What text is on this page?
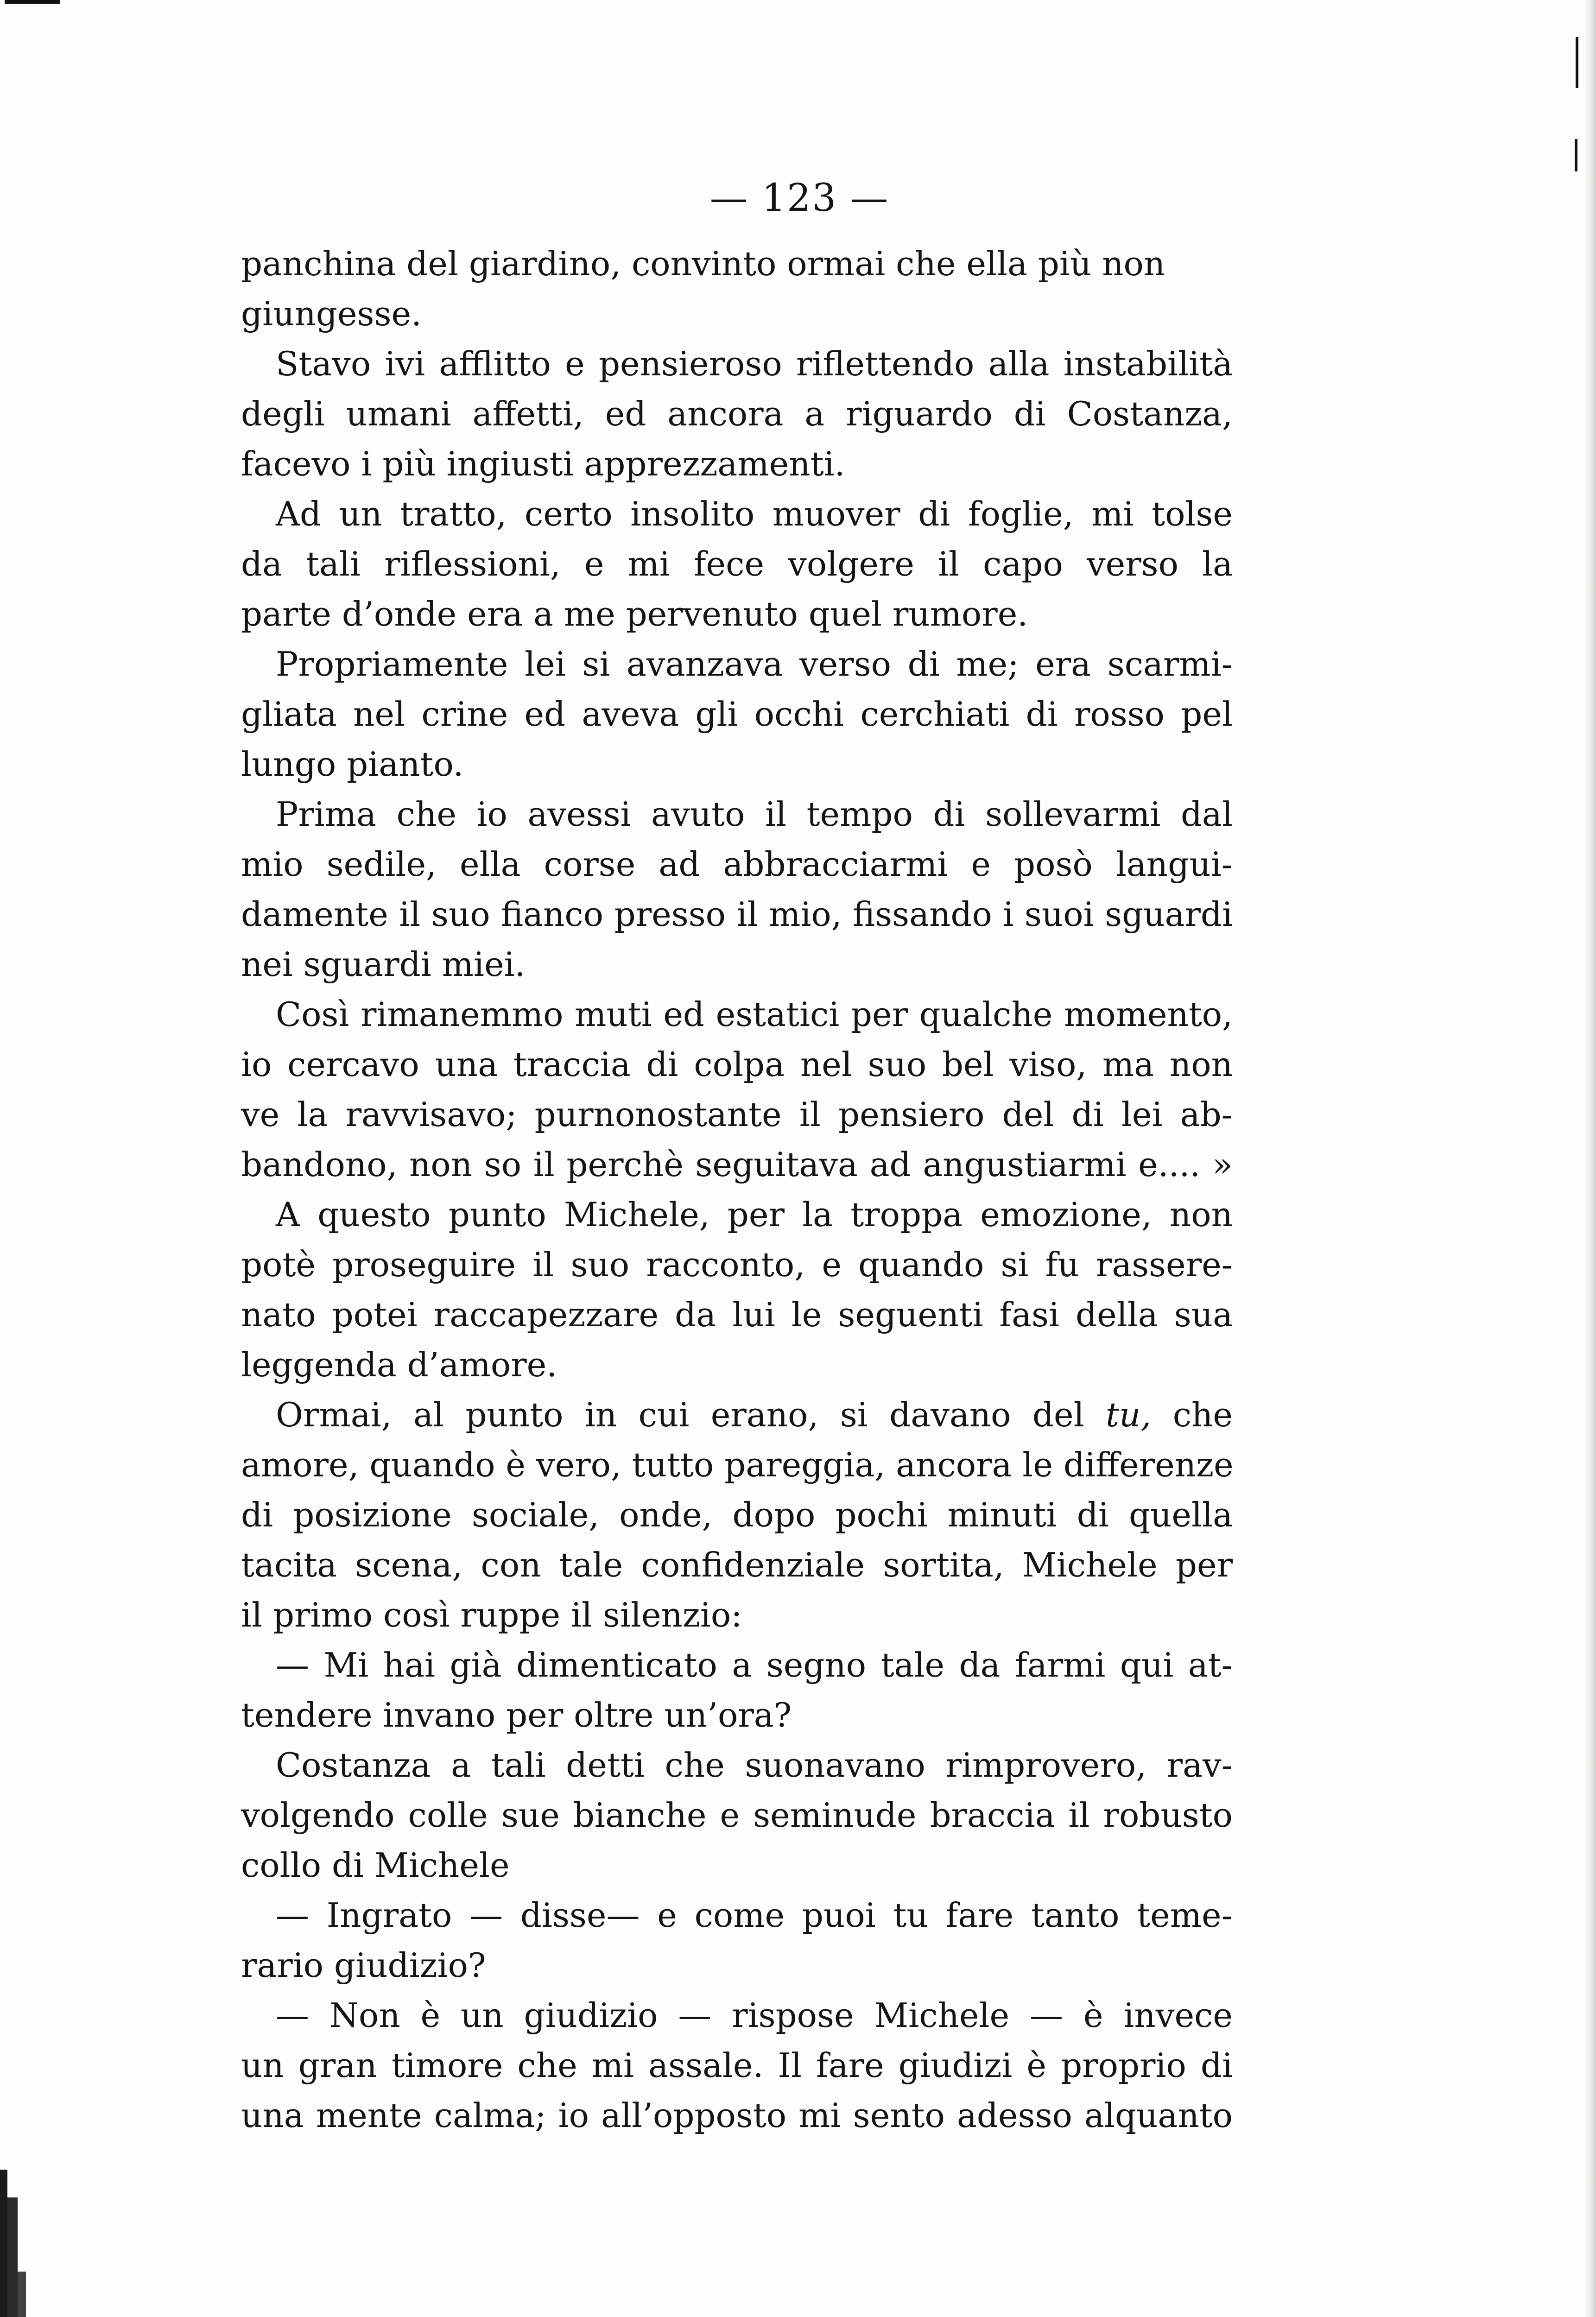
— 123 —
panchina del giardino, convinto ormai che ella più non
giungesse.
Stavo ivi afflitto e pensieroso riflettendo alla instabilità
degli umani affetti, ed ancora a riguardo di Costanza,
facevo i più ingiusti apprezzamenti.
Ad un tratto, certo insolito muover di foglie, mi tolse
da tali riflessioni, e mi fece volgere il capo verso la
parte d’onde era a me pervenuto quel rumore.
Propriamente lei si avanzava verso di me; era scarmi-
gliata nel crine ed aveva gli occhi cerchiati di rosso pel
lungo pianto.
Prima che io avessi avuto il tempo di sollevarmi dal
mio sedile, ella corse ad abbracciarmi e posò langui-
damente il suo fianco presso il mio, fissando i suoi sguardi
nei sguardi miei.
Così rimanemmo muti ed estatici per qualche momento,
io cercavo una traccia di colpa nel suo bel viso, ma non
ve la ravvisavo; purnonostante il pensiero del di lei ab-
bandono, non so il perchè seguitava ad angustiarmi e.... »
A questo punto Michele, per la troppa emozione, non
potè proseguire il suo racconto, e quando si fu rassere-
nato potei raccapezzare da lui le seguenti fasi della sua
leggenda d’amore.
Ormai, al punto in cui erano, si davano del tu, che
amore, quando è vero, tutto pareggia, ancora le differenze
di posizione sociale, onde, dopo pochi minuti di quella
tacita scena, con tale confidenziale sortita, Michele per
il primo così ruppe il silenzio:
— Mi hai già dimenticato a segno tale da farmi qui at-
tendere invano per oltre un’ora?
Costanza a tali detti che suonavano rimprovero, rav-
volgendo colle sue bianche e seminude braccia il robusto
collo di Michele
— Ingrato — disse— e come puoi tu fare tanto teme-
rario giudizio?
— Non è un giudizio — rispose Michele — è invece
un gran timore che mi assale. Il fare giudizi è proprio di
una mente calma; io all’opposto mi sento adesso alquanto
